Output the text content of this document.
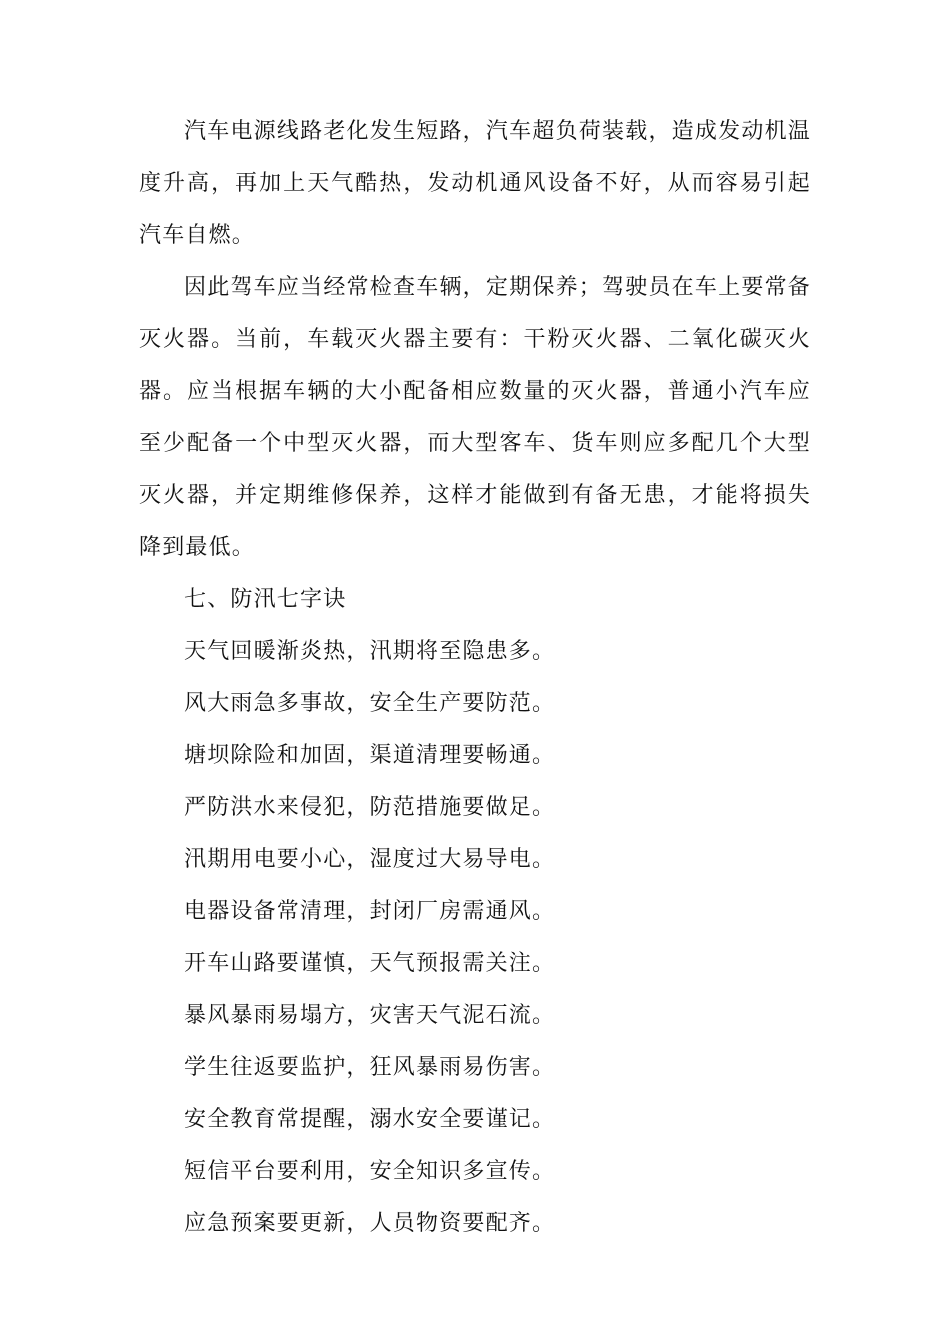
汽车电源线路老化发生短路，汽车超负荷装载，造成发动机温度升高，再加上天气酷热，发动机通风设备不好，从而容易引起汽车自燃。

因此驾车应当经常检查车辆，定期保养；驾驶员在车上要常备灭火器。当前，车载灭火器主要有：干粉灭火器、二氧化碳灭火器。应当根据车辆的大小配备相应数量的灭火器，普通小汽车应至少配备一个中型灭火器，而大型客车、货车则应多配几个大型灭火器，并定期维修保养，这样才能做到有备无患，才能将损失降到最低。

七、防汛七字诀

天气回暖渐炎热，汛期将至隐患多。

风大雨急多事故，安全生产要防范。

塘坝除险和加固，渠道清理要畅通。

严防洪水来侵犯，防范措施要做足。

汛期用电要小心，湿度过大易导电。

电器设备常清理，封闭厂房需通风。

开车山路要谨慎，天气预报需关注。

暴风暴雨易塌方，灾害天气泥石流。

学生往返要监护，狂风暴雨易伤害。

安全教育常提醒，溺水安全要谨记。

短信平台要利用，安全知识多宣传。

应急预案要更新，人员物资要配齐。
